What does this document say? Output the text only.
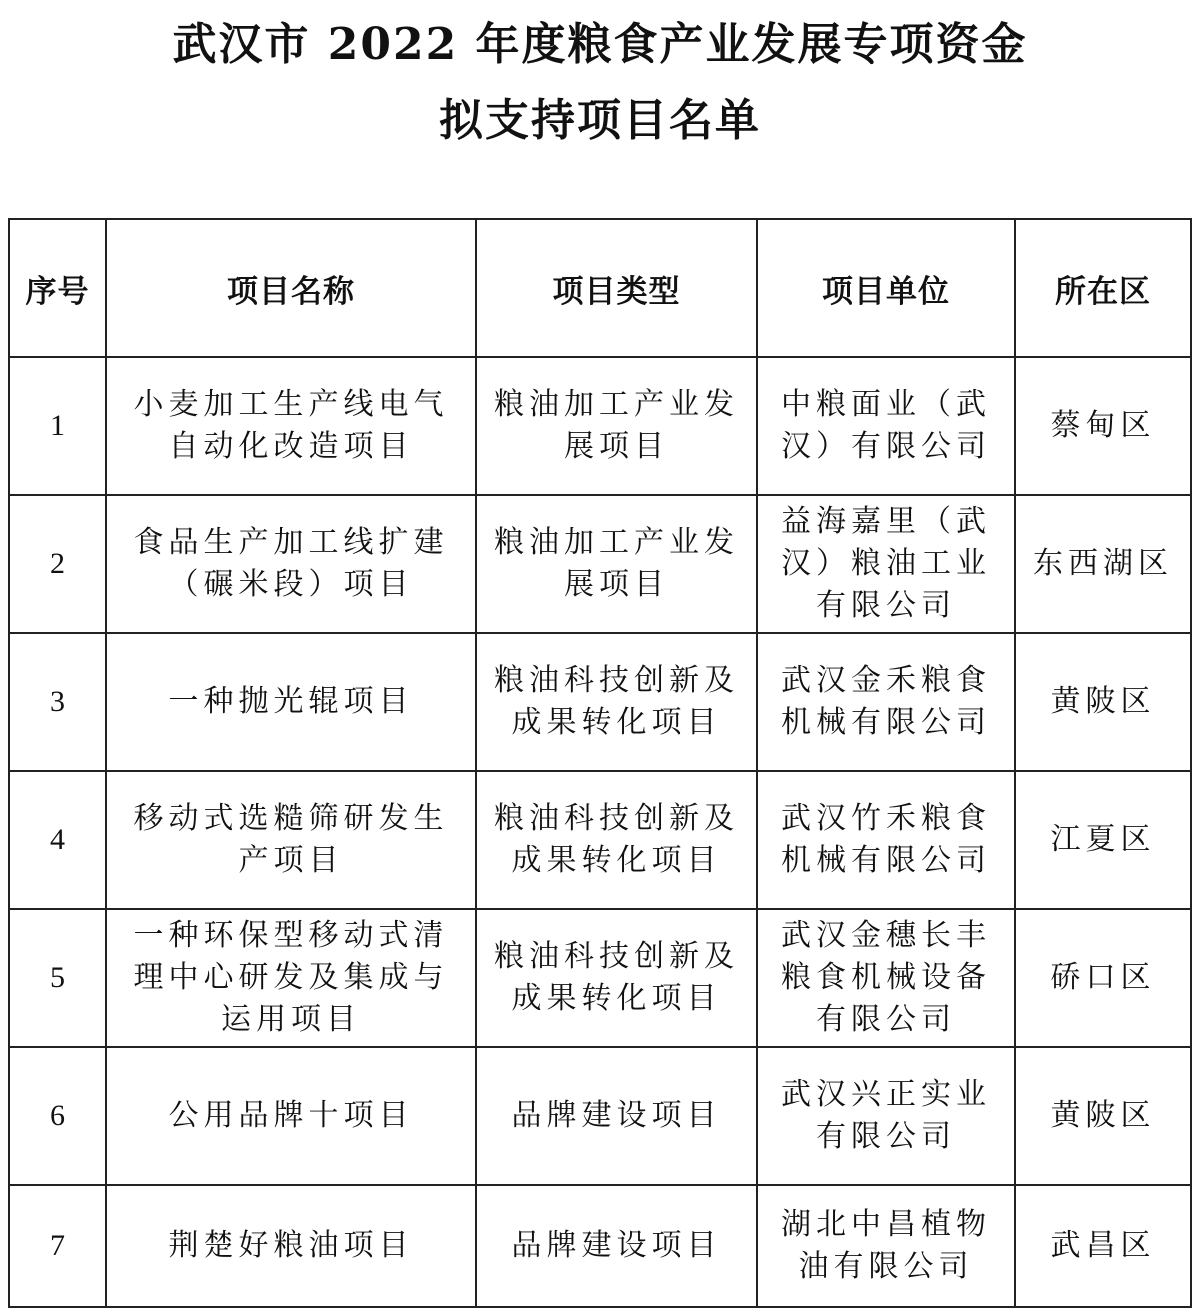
武汉市 2022 年度粮食产业发展专项资金
拟支持项目名单
序号	项目名称	项目类型	项目单位	所在区
1	小麦加工生产线电气自动化改造项目	粮油加工产业发展项目	中粮面业（武汉）有限公司	蔡甸区
2	食品生产加工线扩建（碾米段）项目	粮油加工产业发展项目	益海嘉里（武汉）粮油工业有限公司	东西湖区
3	一种抛光辊项目	粮油科技创新及成果转化项目	武汉金禾粮食机械有限公司	黄陂区
4	移动式选糙筛研发生产项目	粮油科技创新及成果转化项目	武汉竹禾粮食机械有限公司	江夏区
5	一种环保型移动式清理中心研发及集成与运用项目	粮油科技创新及成果转化项目	武汉金穗长丰粮食机械设备有限公司	硚口区
6	公用品牌十项目	品牌建设项目	武汉兴正实业有限公司	黄陂区
7	荆楚好粮油项目	品牌建设项目	湖北中昌植物油有限公司	武昌区
